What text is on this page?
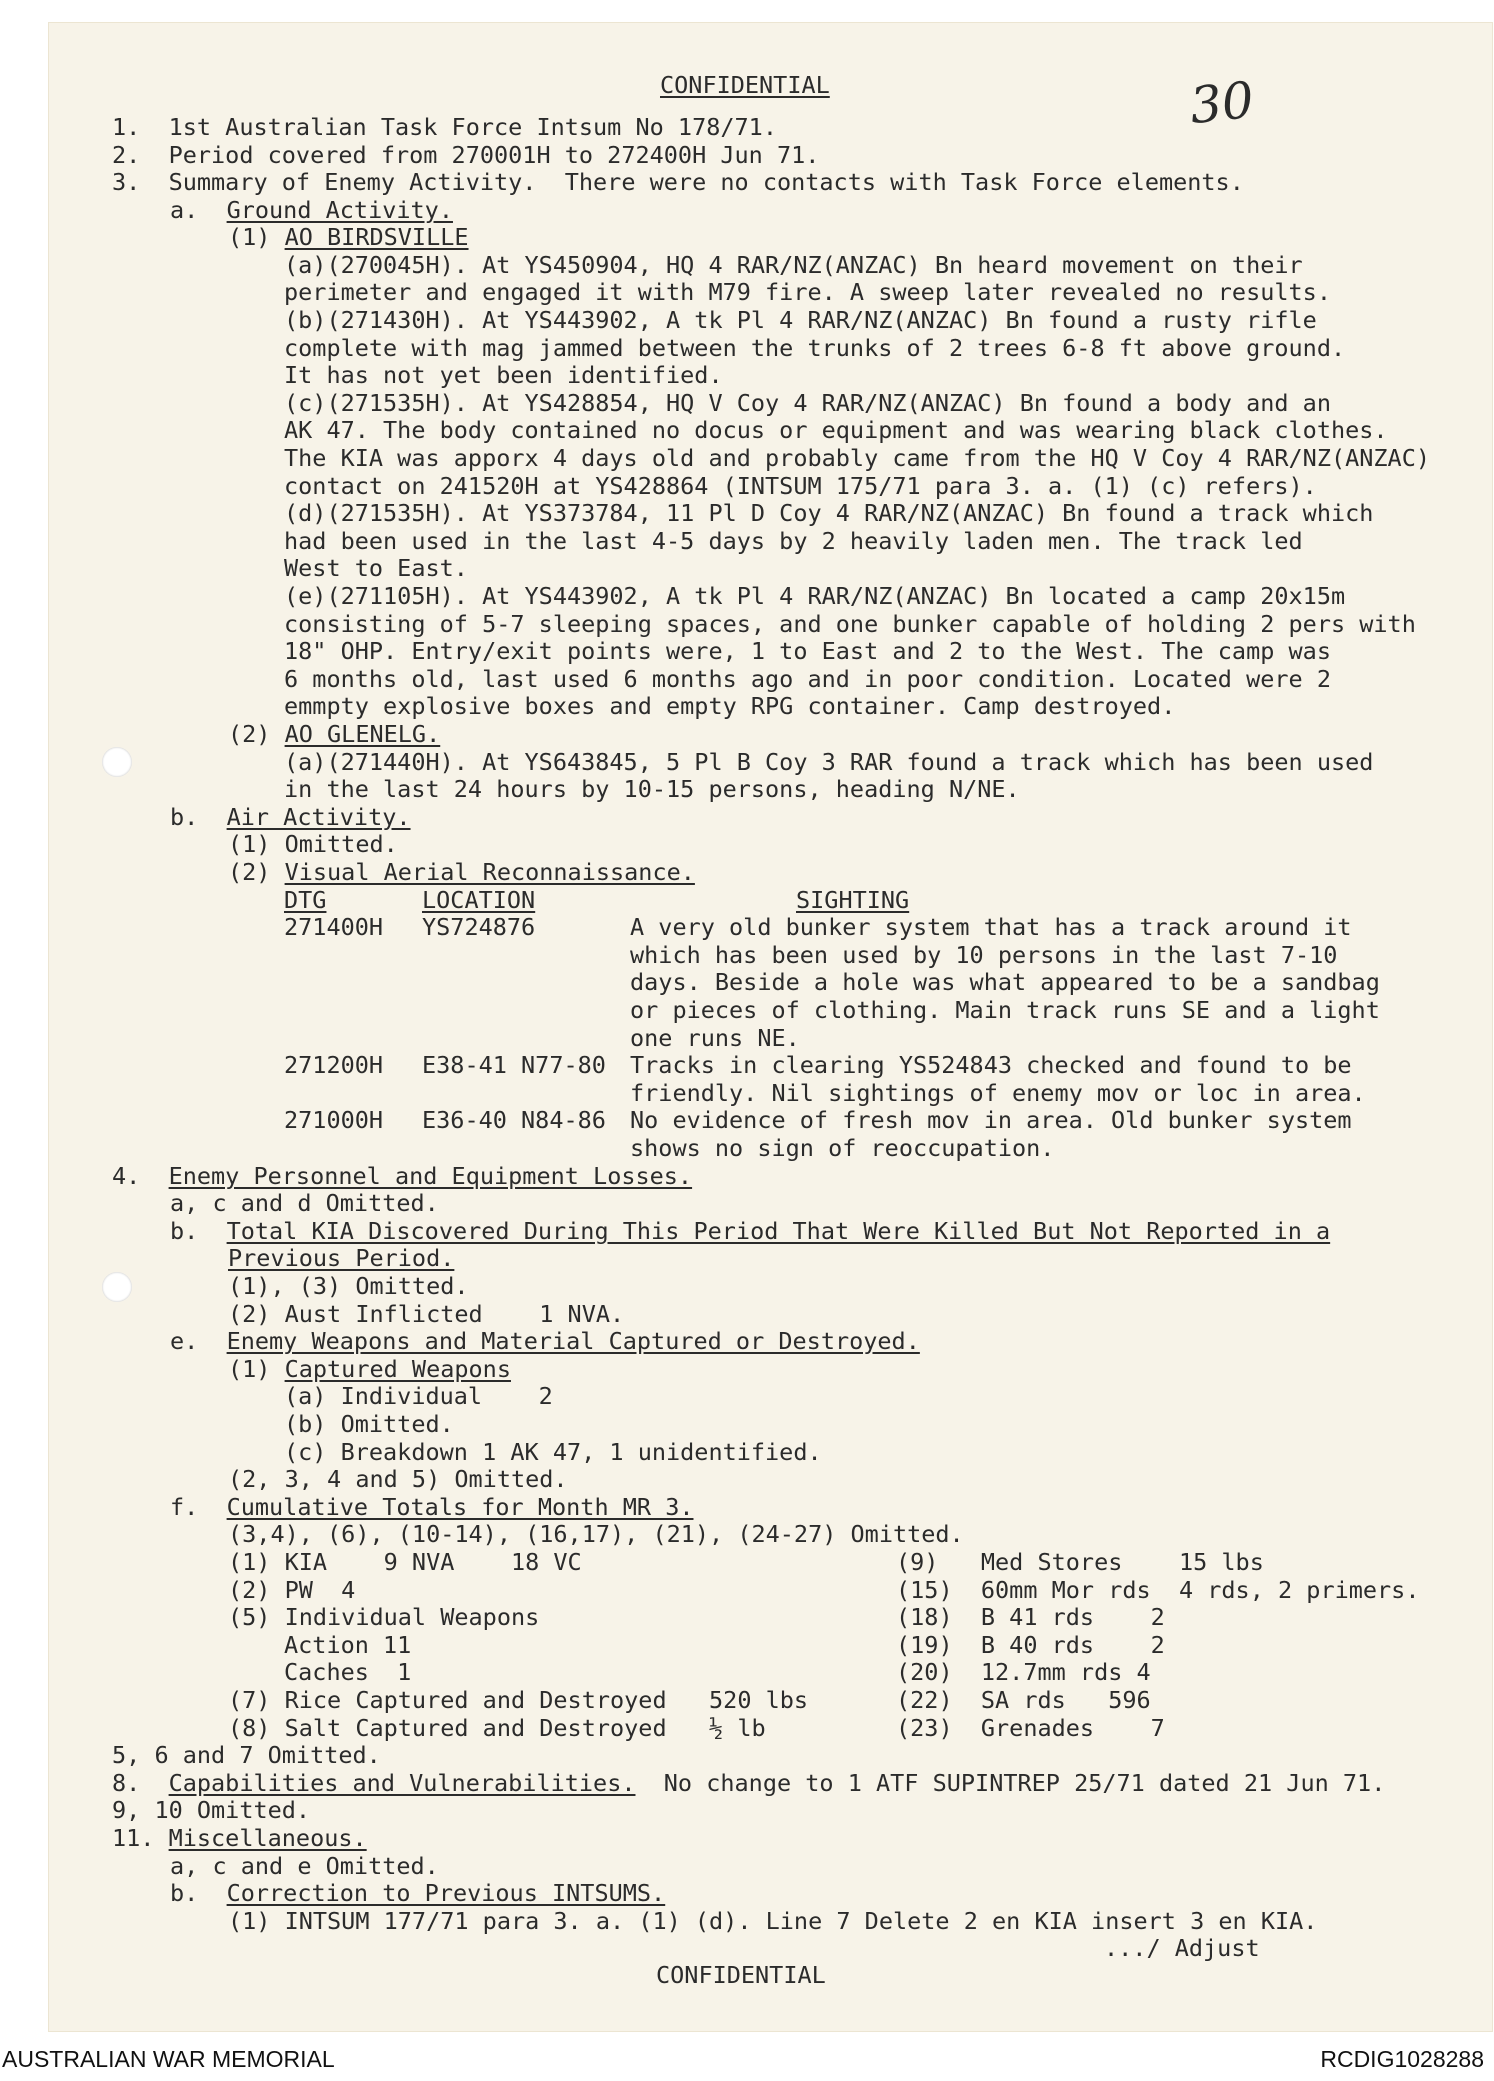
CONFIDENTIAL	30
1.  1st Australian Task Force Intsum No 178/71.
2.  Period covered from 270001H to 272400H Jun 71.
3.  Summary of Enemy Activity.  There were no contacts with Task Force elements.
a.  Ground Activity.
(1) AO BIRDSVILLE
(a)(270045H). At YS450904, HQ 4 RAR/NZ(ANZAC) Bn heard movement on their
perimeter and engaged it with M79 fire. A sweep later revealed no results.
(b)(271430H). At YS443902, A tk Pl 4 RAR/NZ(ANZAC) Bn found a rusty rifle
complete with mag jammed between the trunks of 2 trees 6-8 ft above ground.
It has not yet been identified.
(c)(271535H). At YS428854, HQ V Coy 4 RAR/NZ(ANZAC) Bn found a body and an
AK 47. The body contained no docus or equipment and was wearing black clothes.
The KIA was apporx 4 days old and probably came from the HQ V Coy 4 RAR/NZ(ANZAC)
contact on 241520H at YS428864 (INTSUM 175/71 para 3. a. (1) (c) refers).
(d)(271535H). At YS373784, 11 Pl D Coy 4 RAR/NZ(ANZAC) Bn found a track which
had been used in the last 4-5 days by 2 heavily laden men. The track led
West to East.
(e)(271105H). At YS443902, A tk Pl 4 RAR/NZ(ANZAC) Bn located a camp 20x15m
consisting of 5-7 sleeping spaces, and one bunker capable of holding 2 pers with
18" OHP. Entry/exit points were, 1 to East and 2 to the West. The camp was
6 months old, last used 6 months ago and in poor condition. Located were 2
emmpty explosive boxes and empty RPG container. Camp destroyed.
(2) AO GLENELG.
(a)(271440H). At YS643845, 5 Pl B Coy 3 RAR found a track which has been used
in the last 24 hours by 10-15 persons, heading N/NE.
b.  Air Activity.
(1) Omitted.
(2) Visual Aerial Reconnaissance.
DTG	LOCATION	SIGHTING
271400H YS724876	A very old bunker system that has a track around it
which has been used by 10 persons in the last 7-10
days. Beside a hole was what appeared to be a sandbag
or pieces of clothing. Main track runs SE and a light
one runs NE.
271200H E38-41 N77-80 Tracks in clearing YS524843 checked and found to be
friendly. Nil sightings of enemy mov or loc in area.
271000H E36-40 N84-86 No evidence of fresh mov in area. Old bunker system
shows no sign of reoccupation.
4.  Enemy Personnel and Equipment Losses.
a, c and d Omitted.
b.  Total KIA Discovered During This Period That Were Killed But Not Reported in a
Previous Period.
(1), (3) Omitted.
(2) Aust Inflicted    1 NVA.
e.  Enemy Weapons and Material Captured or Destroyed.
(1) Captured Weapons
(a) Individual    2
(b) Omitted.
(c) Breakdown 1 AK 47, 1 unidentified.
(2, 3, 4 and 5) Omitted.
f.  Cumulative Totals for Month MR 3.
(3,4), (6), (10-14), (16,17), (21), (24-27) Omitted.
(1) KIA    9 NVA    18 VC
(2) PW  4
(5) Individual Weapons
Action 11
Caches  1
(7) Rice Captured and Destroyed   520 lbs
(8) Salt Captured and Destroyed   ½ lb
(9)   Med Stores    15 lbs
(15)  60mm Mor rds  4 rds, 2 primers.
(18)  B 41 rds    2
(19)  B 40 rds    2
(20)  12.7mm rds 4
(22)  SA rds   596
(23)  Grenades    7
5, 6 and 7 Omitted.
8.  Capabilities and Vulnerabilities.  No change to 1 ATF SUPINTREP 25/71 dated 21 Jun 71.
9, 10 Omitted.
11. Miscellaneous.
a, c and e Omitted.
b.  Correction to Previous INTSUMS.
(1) INTSUM 177/71 para 3. a. (1) (d). Line 7 Delete 2 en KIA insert 3 en KIA.
.../ Adjust
CONFIDENTIAL
AUSTRALIAN WAR MEMORIAL	RCDIG1028288
